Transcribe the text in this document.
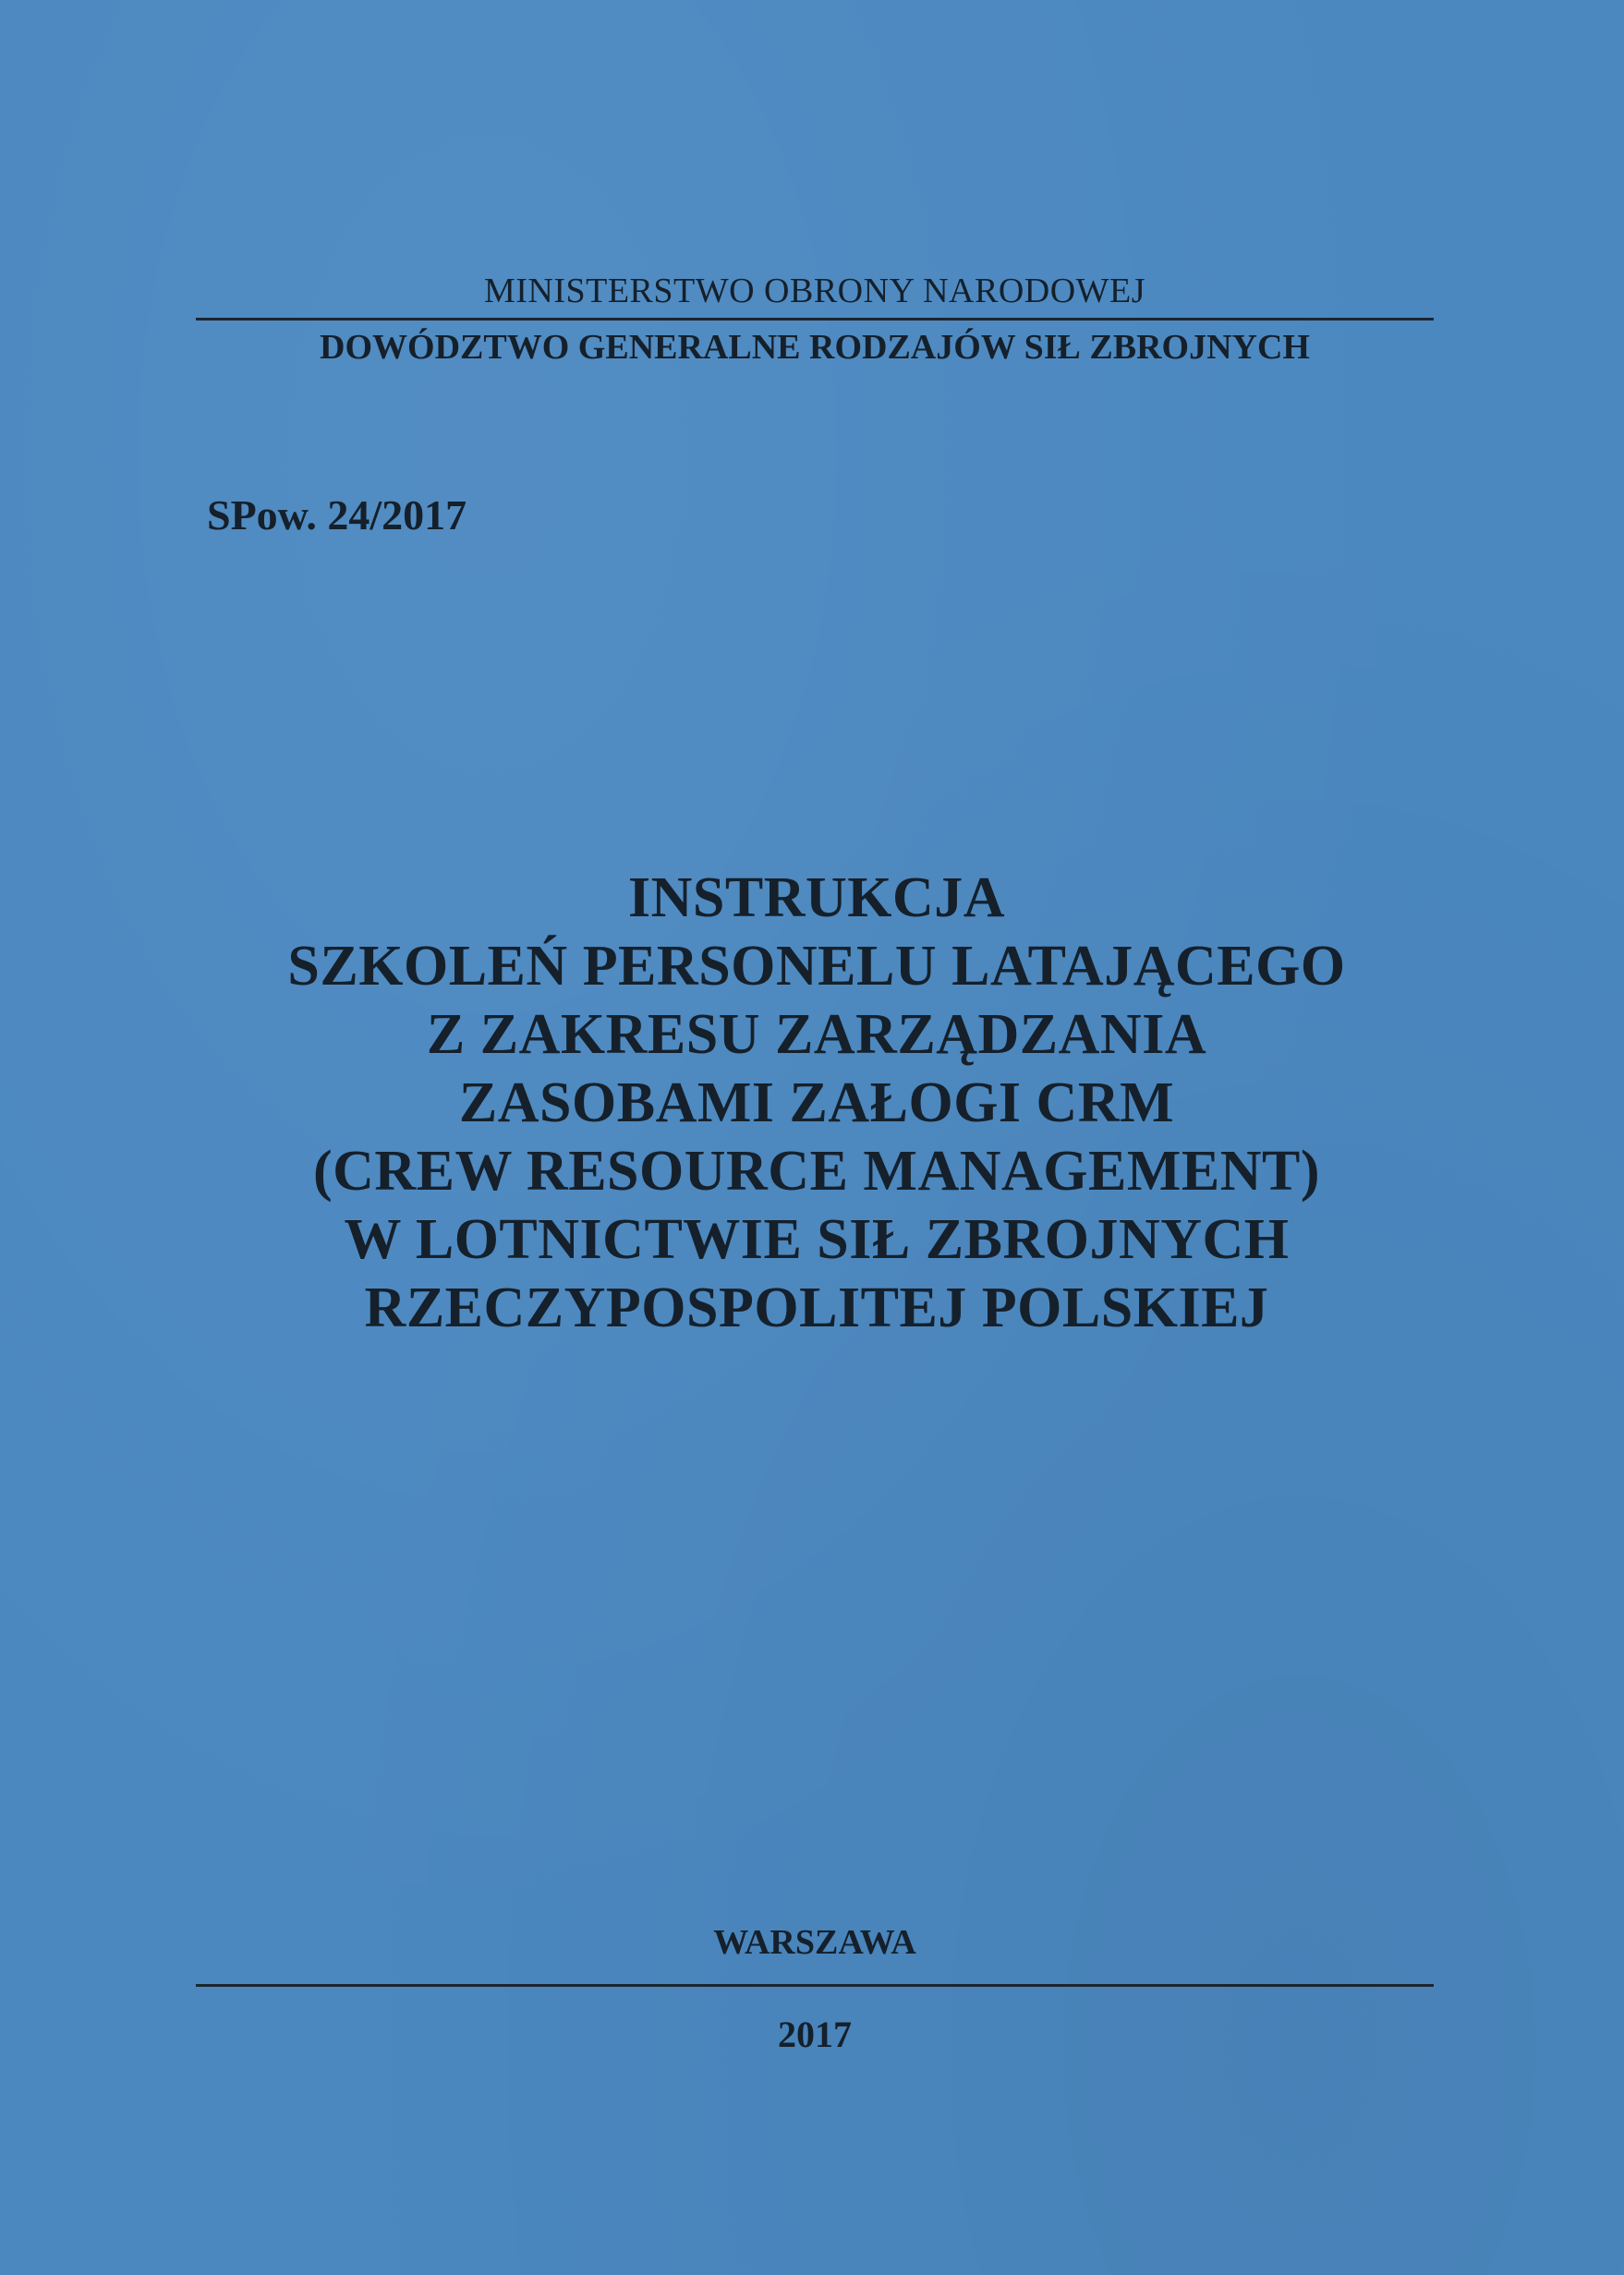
MINISTERSTWO OBRONY NARODOWEJ
DOWÓDZTWO GENERALNE RODZAJÓW SIŁ ZBROJNYCH
SPow. 24/2017
INSTRUKCJA
SZKOLEŃ PERSONELU LATAJĄCEGO
Z ZAKRESU ZARZĄDZANIA
ZASOBAMI ZAŁOGI CRM
(CREW RESOURCE MANAGEMENT)
W LOTNICTWIE SIŁ ZBROJNYCH
RZECZYPOSPOLITEJ POLSKIEJ
WARSZAWA
2017
